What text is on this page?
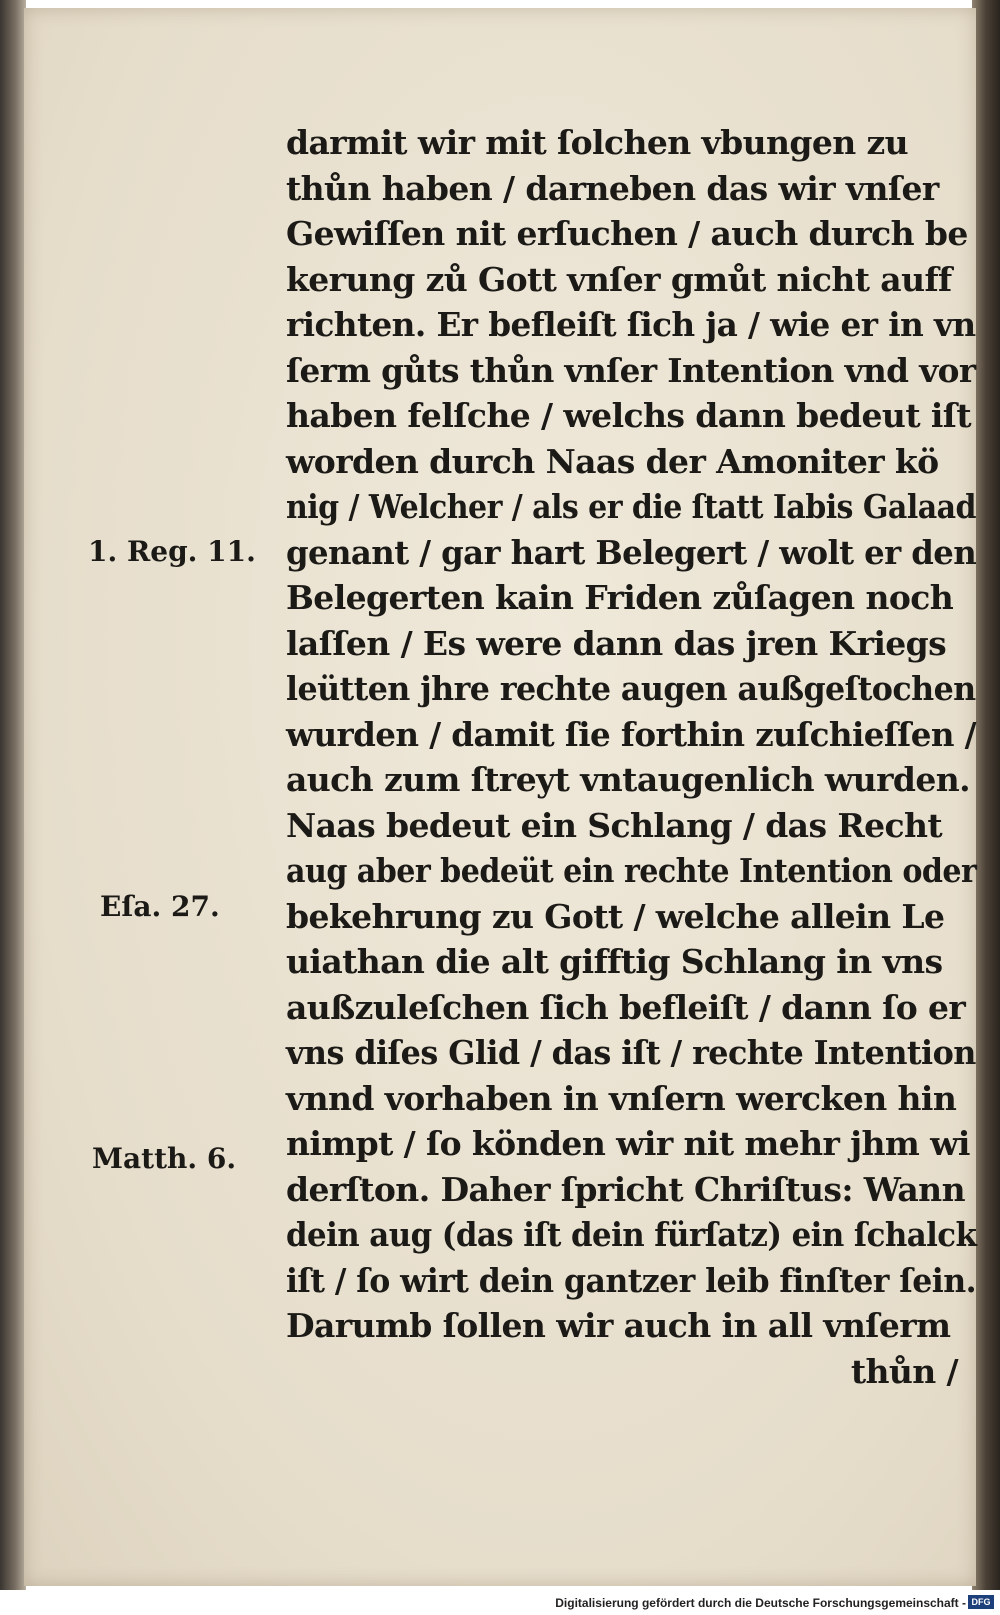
darmit wir mit ſolchen vbungen zu
thůn haben / darneben das wir vnſer
Gewiſſen nit erſuchen / auch durch be
kerung zů Gott vnſer gmůt nicht auff
richten. Er befleiſt ſich ja / wie er in vn
ſerm gůts thůn vnſer Intention vnd vor
haben felſche / welchs dann bedeut iſt
worden durch Naas der Amoniter kö
nig / Welcher / als er die ſtatt Iabis Galaad
genant / gar hart Belegert / wolt er den
Belegerten kain Friden zůſagen noch
laſſen / Es were dann das jren Kriegs
leütten jhre rechte augen außgeſtochen
wurden / damit ſie forthin zuſchieſſen /
auch zum ſtreyt vntaugenlich wurden.
Naas bedeut ein Schlang / das Recht
aug aber bedeüt ein rechte Intention oder
bekehrung zu Gott / welche allein Le
uiathan die alt gifftig Schlang in vns
außzuleſchen ſich befleiſt / dann ſo er
vns diſes Glid / das iſt / rechte Intention
vnnd vorhaben in vnſern wercken hin
nimpt / ſo könden wir nit mehr jhm wi
derſton. Daher ſpricht Chriſtus: Wann
dein aug (das iſt dein fürſatz) ein ſchalck
iſt / ſo wirt dein gantzer leib finſter ſein.
Darumb ſollen wir auch in all vnſerm
thůn /
1. Reg. 11.
Eſa. 27.
Matth. 6.
Digitalisierung gefördert durch die Deutsche Forschungsgemeinschaft - DFG
